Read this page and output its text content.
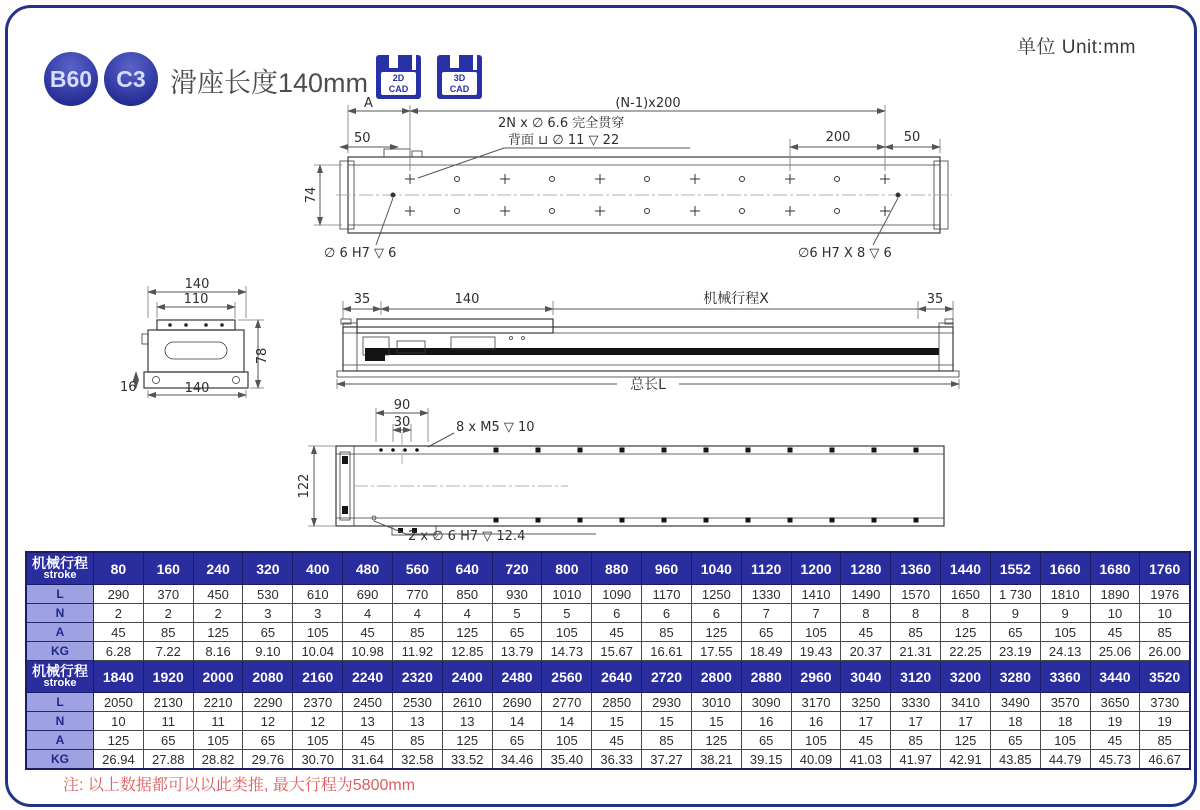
单位 Unit:mm
B60	C3 滑座长度140mm	2D
CAD
3D
CAD
A	(N-1)x200
50	200	50
2N x ∅ 6.6 完全贯穿
背面 ⊔ ∅ 11 ▽ 22
74
∅ 6 H7 ▽ 6	∅6 H7 X 8 ▽ 6
140
110
78
16	140
35	140	机械行程X	35
总长L
90
30	8 x M5 ▽ 10
122
2 x ∅ 6 H7 ▽ 12.4
机械行程
stroke	80	160	240	320	400	480	560	640	720	800	880	960	1040	1120	1200	1280	1360	1440	1552	1660	1680	1760
L	290	370	450	530	610	690	770	850	930	1010	1090	1170	1250	1330	1410	1490	1570	1650	1 730	1810	1890	1976
N	2	2	2	3	3	4	4	4	5	5	6	6	6	7	7	8	8	8	9	9	10	10
A	45	85	125	65	105	45	85	125	65	105	45	85	125	65	105	45	85	125	65	105	45	85
KG	6.28	7.22	8.16	9.10	10.04	10.98	11.92	12.85	13.79	14.73	15.67	16.61	17.55	18.49	19.43	20.37	21.31	22.25	23.19	24.13	25.06	26.00

机械行程
stroke	1840	1920	2000	2080	2160	2240	2320	2400	2480	2560	2640	2720	2800	2880	2960	3040	3120	3200	3280	3360	3440	3520
L	2050	2130	2210	2290	2370	2450	2530	2610	2690	2770	2850	2930	3010	3090	3170	3250	3330	3410	3490	3570	3650	3730
N	10	11	11	12	12	13	13	13	14	14	15	15	15	16	16	17	17	17	18	18	19	19
A	125	65	105	65	105	45	85	125	65	105	45	85	125	65	105	45	85	125	65	105	45	85
KG	26.94	27.88	28.82	29.76	30.70	31.64	32.58	33.52	34.46	35.40	36.33	37.27	38.21	39.15	40.09	41.03	41.97	42.91	43.85	44.79	45.73	46.67
注: 以上数据都可以以此类推, 最大行程为5800mm
